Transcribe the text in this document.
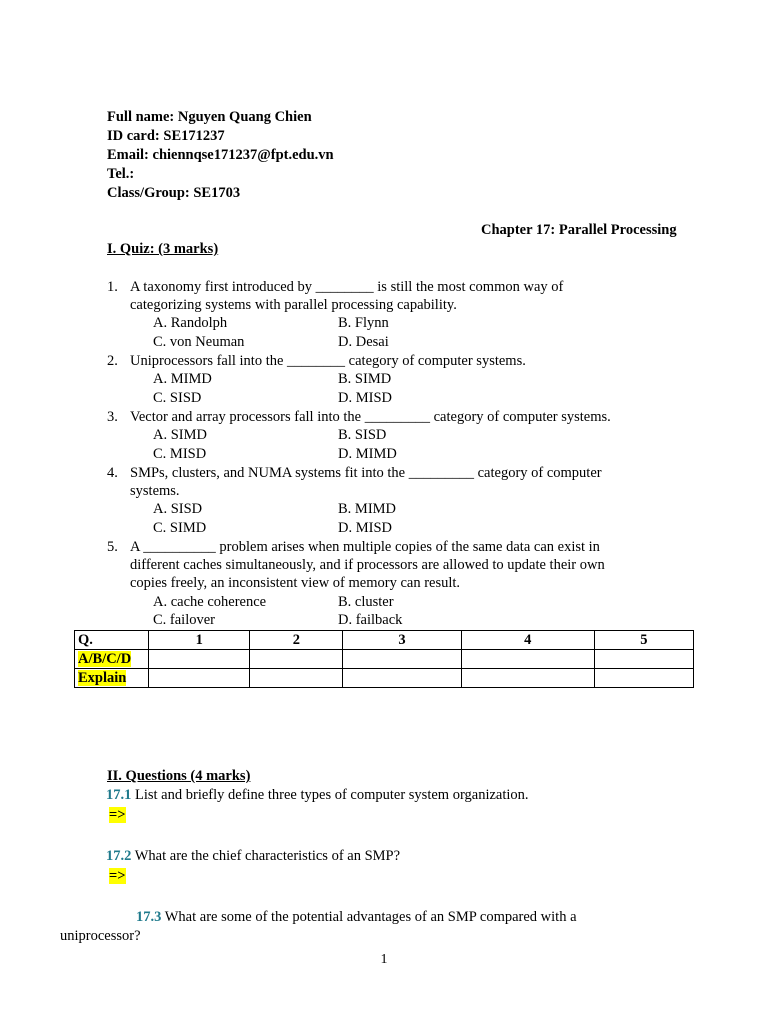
Full name: Nguyen Quang Chien
ID card: SE171237
Email: chiennqse171237@fpt.edu.vn
Tel.:
Class/Group: SE1703
Chapter 17: Parallel Processing
I. Quiz: (3 marks)
1. A taxonomy first introduced by ________ is still the most common way of
categorizing systems with parallel processing capability.
A. Randolph	B. Flynn
C. von Neuman	D. Desai
2. Uniprocessors fall into the ________ category of computer systems.
A. MIMD	B. SIMD
C. SISD	D. MISD
3. Vector and array processors fall into the _________ category of computer systems.
A. SIMD	B. SISD
C. MISD	D. MIMD
4. SMPs, clusters, and NUMA systems fit into the _________ category of computer
systems.
A. SISD	B. MIMD
C. SIMD	D. MISD
5. A __________ problem arises when multiple copies of the same data can exist in
different caches simultaneously, and if processors are allowed to update their own
copies freely, an inconsistent view of memory can result.
A. cache coherence	B. cluster
C. failover	D. failback
Q.	1	2	3	4	5
A/B/C/D					
Explain					
II. Questions (4 marks)
17.1 List and briefly define three types of computer system organization.
=>
17.2 What are the chief characteristics of an SMP?
=>
17.3 What are some of the potential advantages of an SMP compared with a
uniprocessor?
1
